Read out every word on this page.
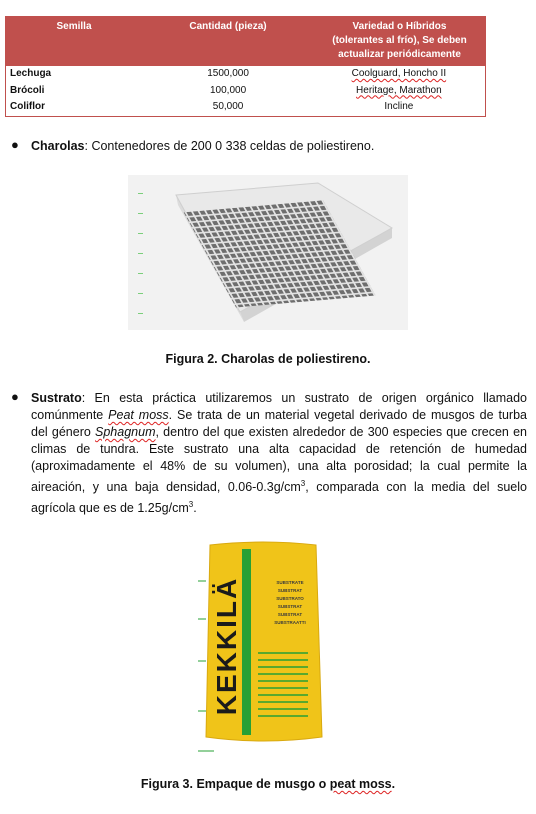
Semilla	Cantidad (pieza)	Variedad o Híbridos
(tolerantes al frío), Se deben
actualizar periódicamente
Lechuga	1500,000	Coolguard, Honcho II
Brócoli	100,000	Heritage, Marathon
Coliflor	50,000	Incline
● Charolas: Contenedores de 200 0 338 celdas de poliestireno.
Figura 2. Charolas de poliestireno.
● Sustrato: En esta práctica utilizaremos un sustrato de origen orgánico llamado comúnmente Peat moss. Se trata de un material vegetal derivado de musgos de turba del género Sphagnum, dentro del que existen alrededor de 300 especies que crecen en climas de tundra. Este sustrato una alta capacidad de retención de humedad (aproximadamente el 48% de su volumen), una alta porosidad; la cual permite la aireación, y una baja densidad, $0.06-0.3g/cm^3$, comparada con la media del suelo agrícola que es de $1.25g/cm^3$.
KEKKILÄ	SUBSTRATE
SUBSTRAT
SUBSTRATO
SUBSTRAT
SUBSTRAT
SUBSTRAATTI
Figura 3. Empaque de musgo o peat moss.
